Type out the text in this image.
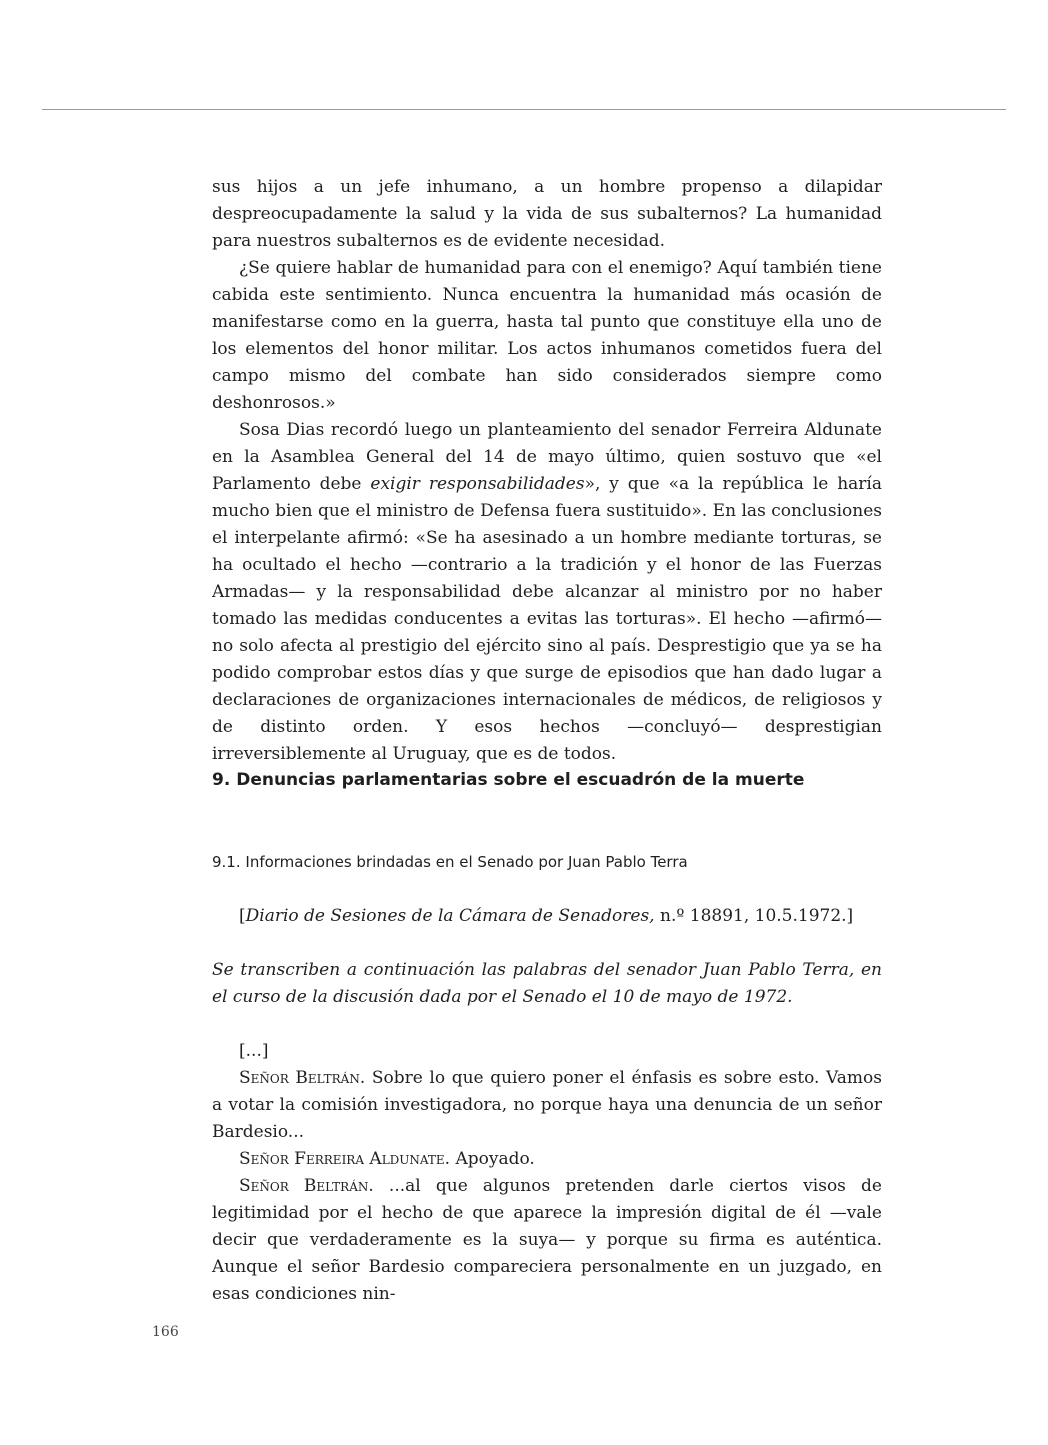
sus hijos a un jefe inhumano, a un hombre propenso a dilapidar despreocupadamente la salud y la vida de sus subalternos? La humanidad para nuestros subalternos es de evidente necesidad.

¿Se quiere hablar de humanidad para con el enemigo? Aquí también tiene cabida este sentimiento. Nunca encuentra la humanidad más ocasión de manifestarse como en la guerra, hasta tal punto que constituye ella uno de los elementos del honor militar. Los actos inhumanos cometidos fuera del campo mismo del combate han sido considerados siempre como deshonrosos.»

Sosa Dias recordó luego un planteamiento del senador Ferreira Aldunate en la Asamblea General del 14 de mayo último, quien sostuvo que «el Parlamento debe exigir responsabilidades», y que «a la república le haría mucho bien que el ministro de Defensa fuera sustituido». En las conclusiones el interpelante afirmó: «Se ha asesinado a un hombre mediante torturas, se ha ocultado el hecho —contrario a la tradición y el honor de las Fuerzas Armadas— y la responsabilidad debe alcanzar al ministro por no haber tomado las medidas conducentes a evitas las torturas». El hecho —afirmó— no solo afecta al prestigio del ejército sino al país. Desprestigio que ya se ha podido comprobar estos días y que surge de episodios que han dado lugar a declaraciones de organizaciones internacionales de médicos, de religiosos y de distinto orden. Y esos hechos —concluyó— desprestigian irreversiblemente al Uruguay, que es de todos.

9. Denuncias parlamentarias sobre el escuadrón de la muerte
9.1. Informaciones brindadas en el Senado por Juan Pablo Terra
[Diario de Sesiones de la Cámara de Senadores, n.º 18891, 10.5.1972.]
Se transcriben a continuación las palabras del senador Juan Pablo Terra, en el curso de la discusión dada por el Senado el 10 de mayo de 1972.

[...]

Señor Beltrán. Sobre lo que quiero poner el énfasis es sobre esto. Vamos a votar la comisión investigadora, no porque haya una denuncia de un señor Bardesio...

Señor Ferreira Aldunate. Apoyado.

Señor Beltrán. ...al que algunos pretenden darle ciertos visos de legitimidad por el hecho de que aparece la impresión digital de él —vale decir que verdaderamente es la suya— y porque su firma es auténtica. Aunque el señor Bardesio compareciera personalmente en un juzgado, en esas condiciones nin-

166
